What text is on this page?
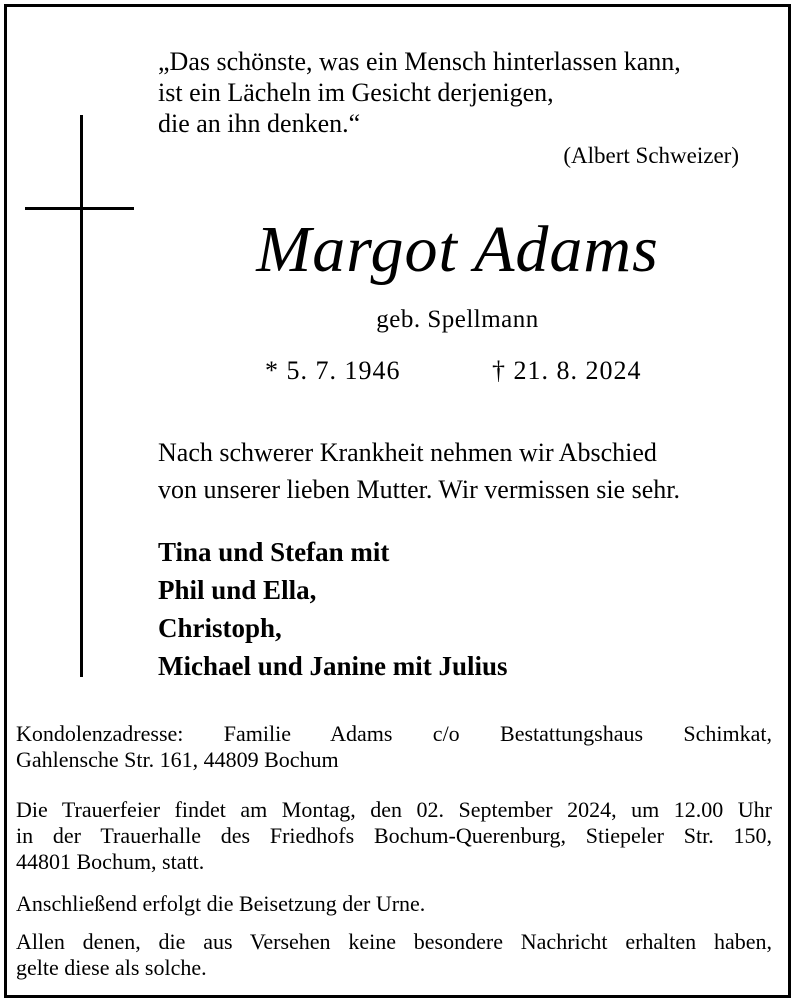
„Das schönste, was ein Mensch hinterlassen kann,
ist ein Lächeln im Gesicht derjenigen,
die an ihn denken.“
(Albert Schweizer)
Margot Adams
geb. Spellmann
* 5. 7. 1946	† 21. 8. 2024
Nach schwerer Krankheit nehmen wir Abschied
von unserer lieben Mutter. Wir vermissen sie sehr.
Tina und Stefan mit
Phil und Ella,
Christoph,
Michael und Janine mit Julius
Kondolenzadresse: Familie Adams c/o Bestattungshaus Schimkat,
Gahlensche Str. 161, 44809 Bochum
Die Trauerfeier findet am Montag, den 02. September 2024, um 12.00 Uhr
in der Trauerhalle des Friedhofs Bochum-Querenburg, Stiepeler Str. 150,
44801 Bochum, statt.
Anschließend erfolgt die Beisetzung der Urne.
Allen denen, die aus Versehen keine besondere Nachricht erhalten haben,
gelte diese als solche.
